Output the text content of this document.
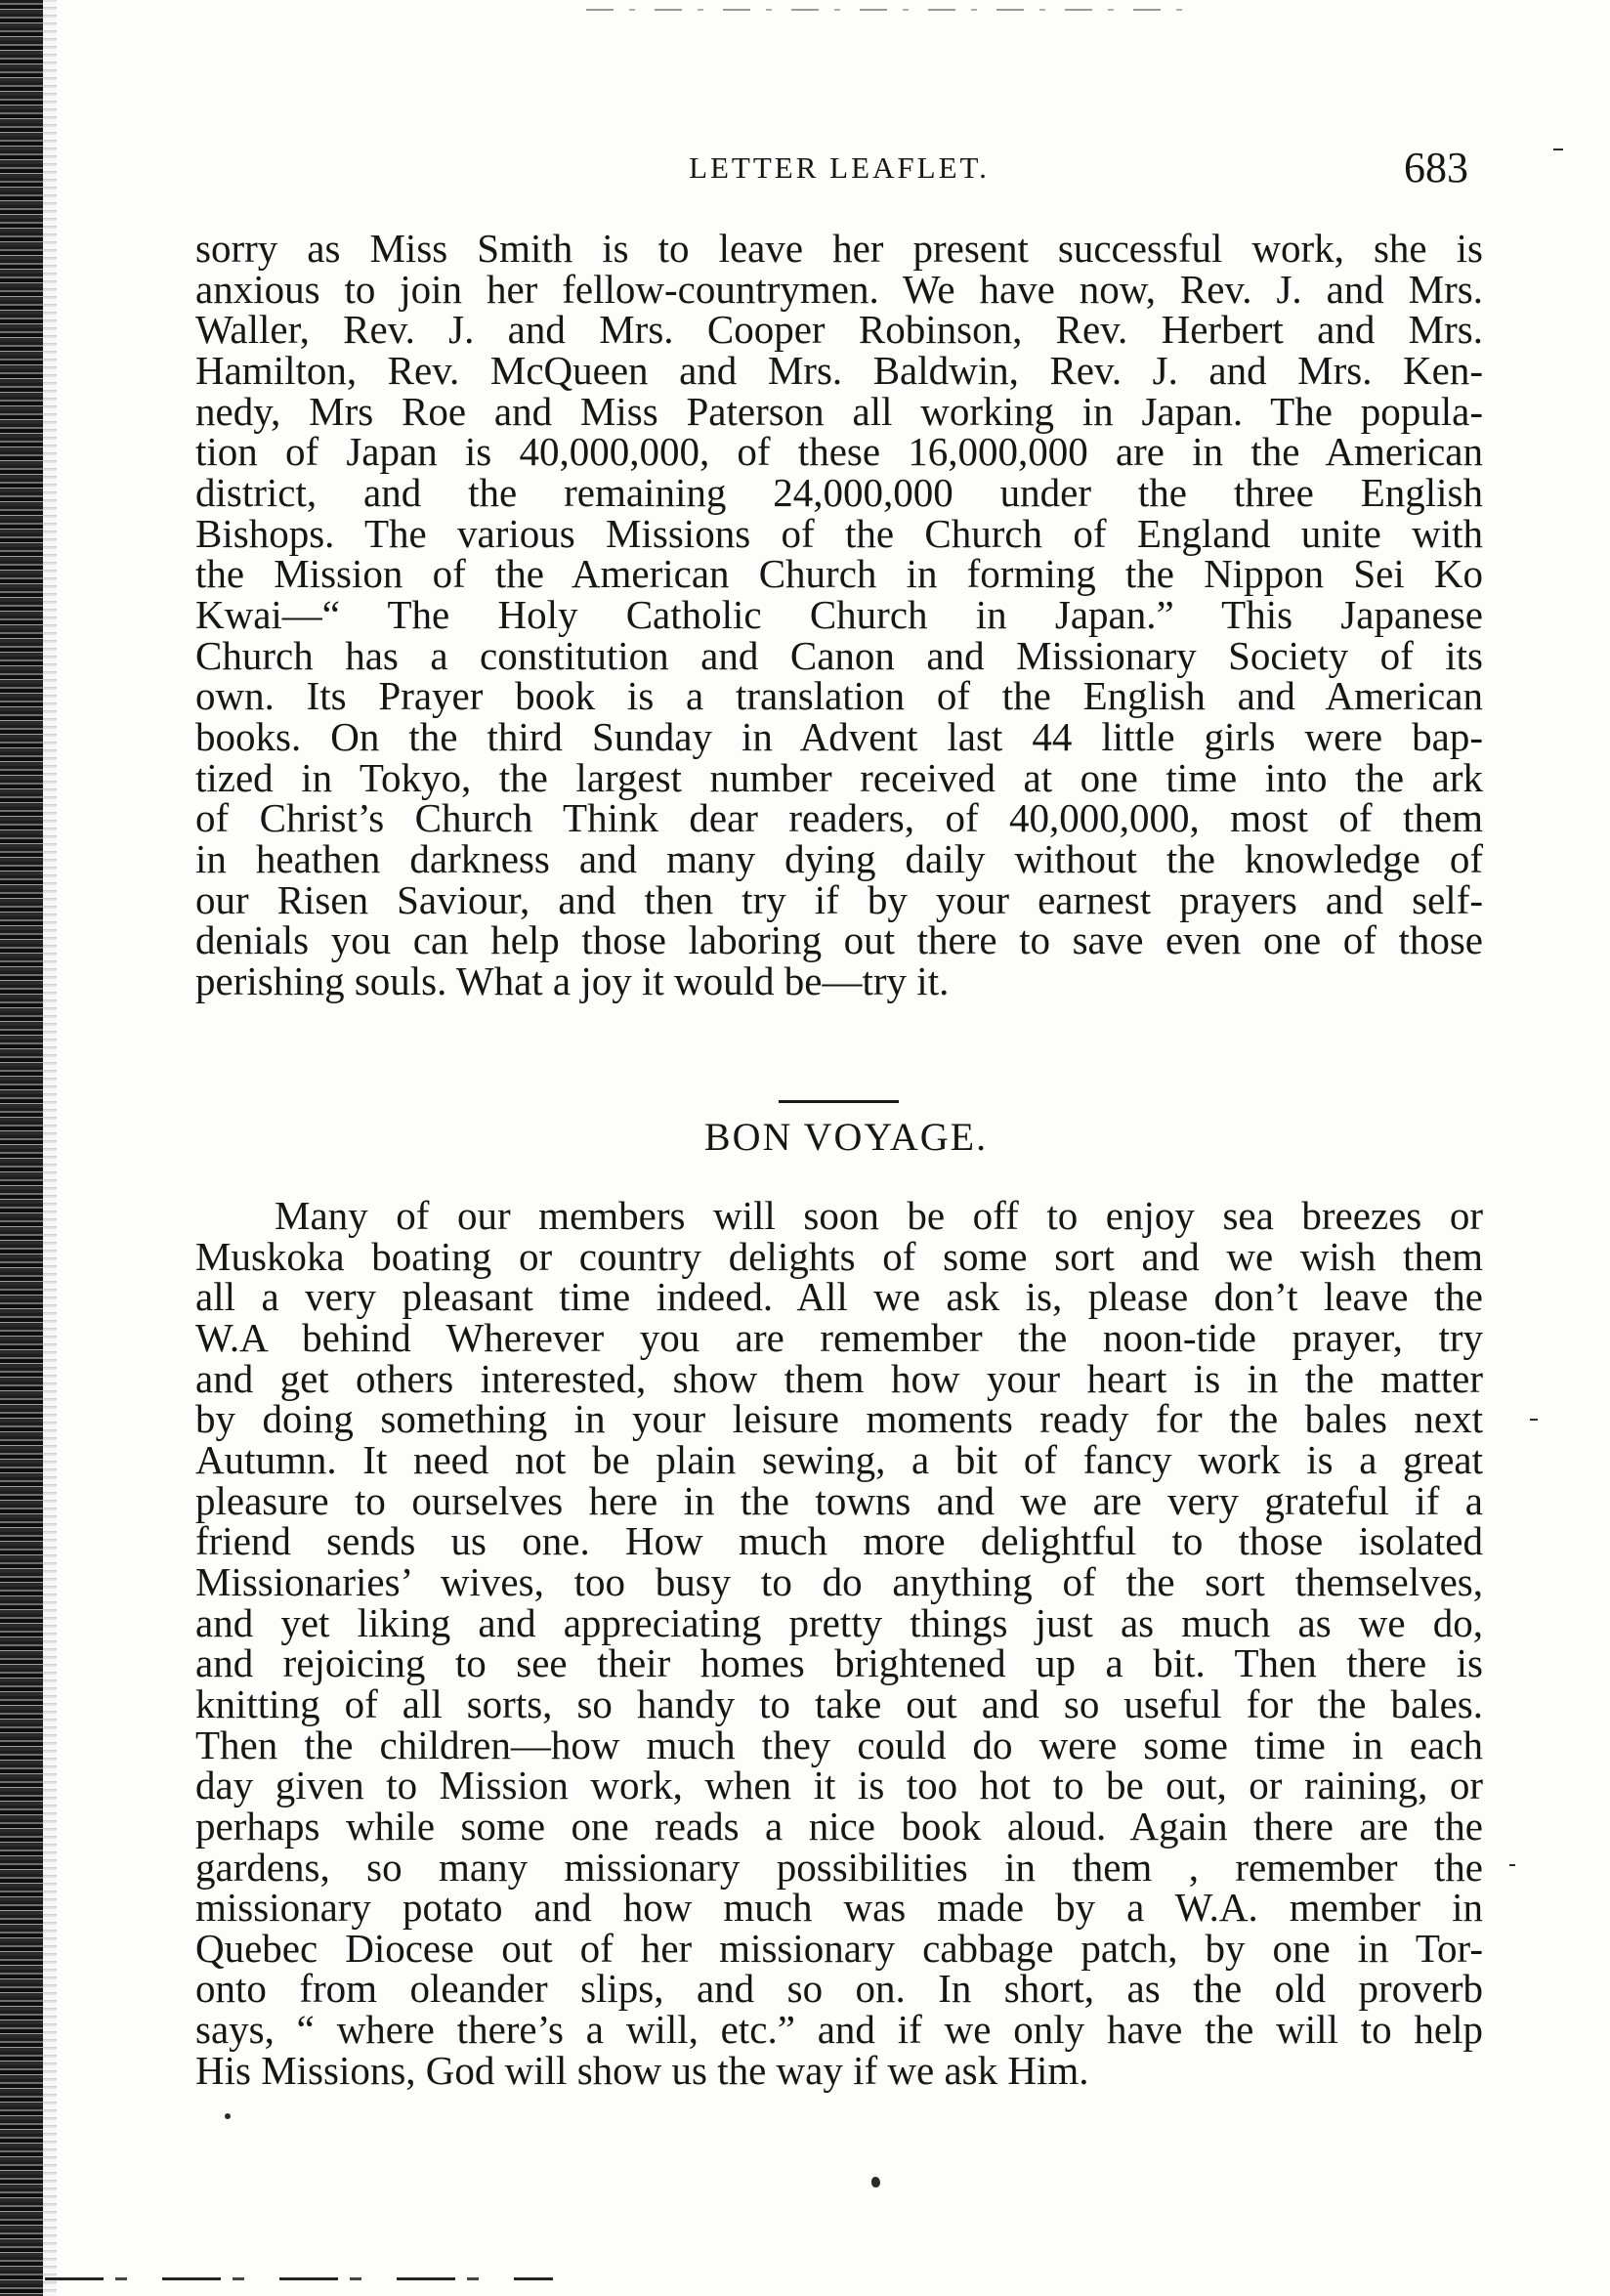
LETTER LEAFLET.	683
sorry as Miss Smith is to leave her present successful work, she is
anxious to join her fellow-countrymen. We have now, Rev. J. and Mrs.
Waller, Rev. J. and Mrs. Cooper Robinson, Rev. Herbert and Mrs.
Hamilton, Rev. McQueen and Mrs. Baldwin, Rev. J. and Mrs. Ken-
nedy, Mrs Roe and Miss Paterson all working in Japan. The popula-
tion of Japan is 40,000,000, of these 16,000,000 are in the American
district, and the remaining 24,000,000 under the three English
Bishops. The various Missions of the Church of England unite with
the Mission of the American Church in forming the Nippon Sei Ko
Kwai—“ The Holy Catholic Church in Japan.” This Japanese
Church has a constitution and Canon and Missionary Society of its
own. Its Prayer book is a translation of the English and American
books. On the third Sunday in Advent last 44 little girls were bap-
tized in Tokyo, the largest number received at one time into the ark
of Christ’s Church Think dear readers, of 40,000,000, most of them
in heathen darkness and many dying daily without the knowledge of
our Risen Saviour, and then try if by your earnest prayers and self-
denials you can help those laboring out there to save even one of those
perishing souls. What a joy it would be—try it.
BON VOYAGE.
Many of our members will soon be off to enjoy sea breezes or
Muskoka boating or country delights of some sort and we wish them
all a very pleasant time indeed. All we ask is, please don’t leave the
W.A behind Wherever you are remember the noon-tide prayer, try
and get others interested, show them how your heart is in the matter
by doing something in your leisure moments ready for the bales next
Autumn. It need not be plain sewing, a bit of fancy work is a great
pleasure to ourselves here in the towns and we are very grateful if a
friend sends us one. How much more delightful to those isolated
Missionaries’ wives, too busy to do anything of the sort themselves,
and yet liking and appreciating pretty things just as much as we do,
and rejoicing to see their homes brightened up a bit. Then there is
knitting of all sorts, so handy to take out and so useful for the bales.
Then the children—how much they could do were some time in each
day given to Mission work, when it is too hot to be out, or raining, or
perhaps while some one reads a nice book aloud. Again there are the
gardens, so many missionary possibilities in them , remember the
missionary potato and how much was made by a W.A. member in
Quebec Diocese out of her missionary cabbage patch, by one in Tor-
onto from oleander slips, and so on. In short, as the old proverb
says, “ where there’s a will, etc.” and if we only have the will to help
His Missions, God will show us the way if we ask Him.
